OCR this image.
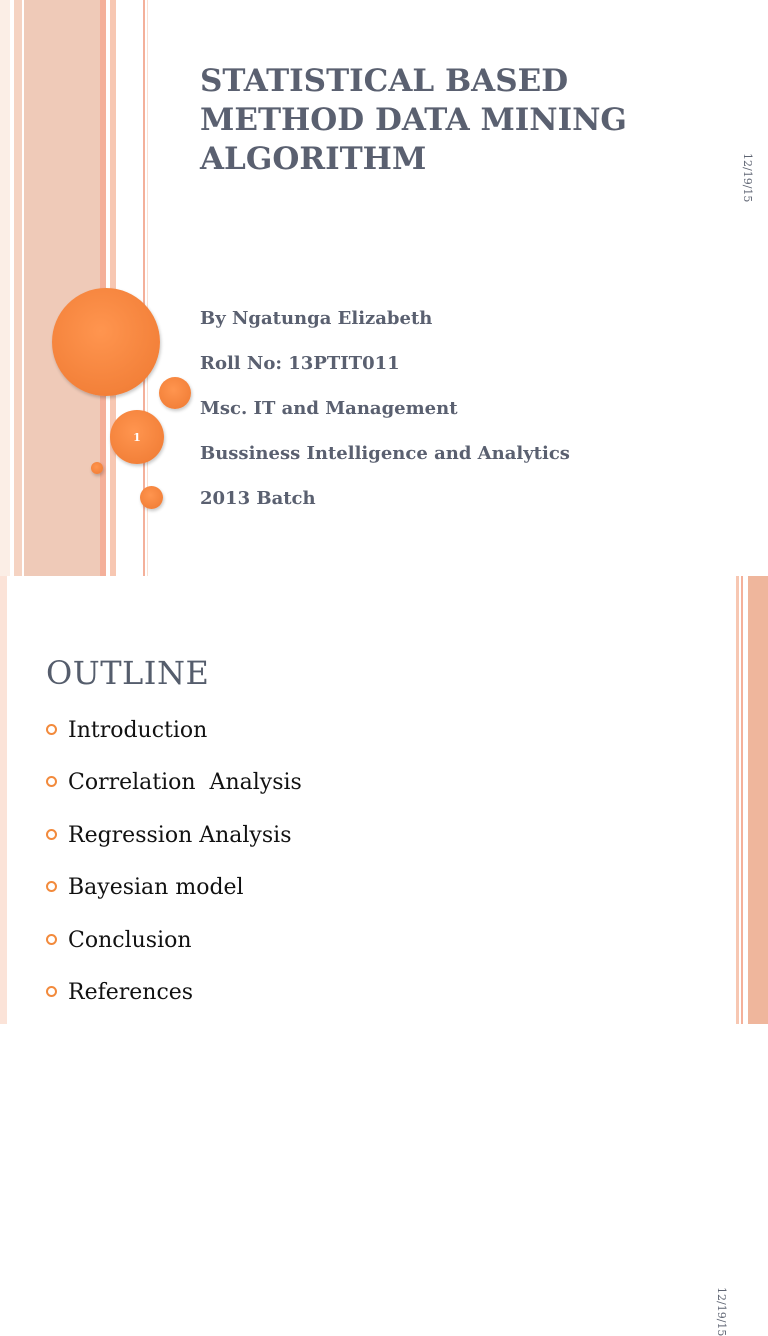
1
STATISTICAL BASED
METHOD DATA MINING
ALGORITHM	12/19/15
By Ngatunga Elizabeth
Roll No: 13PTIT011
Msc. IT and Management
Bussiness Intelligence and Analytics
2013 Batch
OUTLINE
12/19/15
Introduction
Correlation  Analysis
Regression Analysis
Bayesian model
Conclusion
References
